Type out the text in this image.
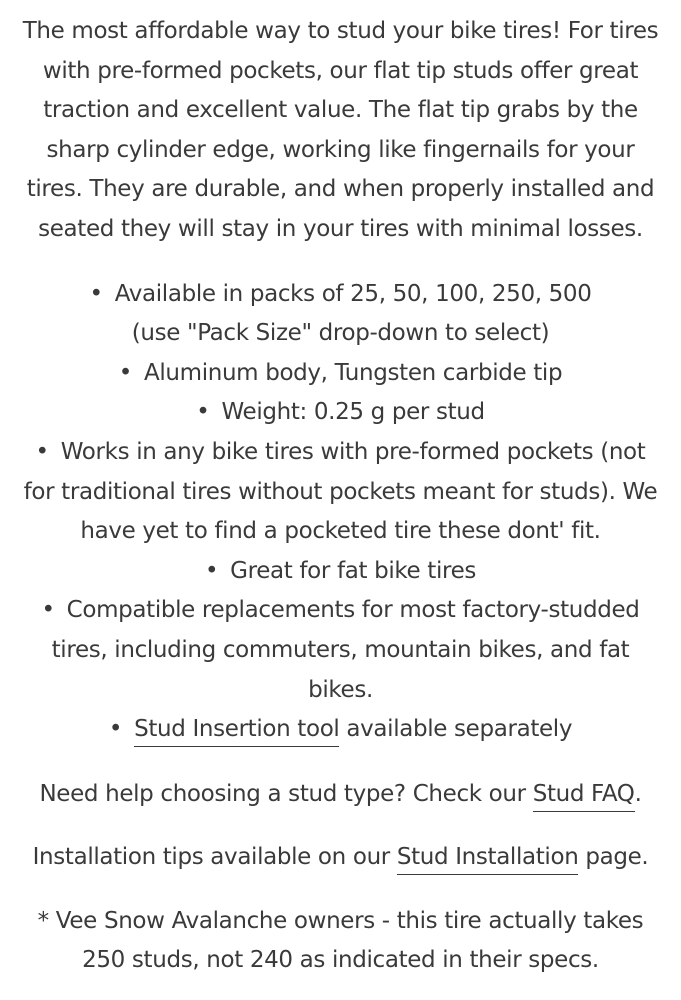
The most affordable way to stud your bike tires! For tires with pre-formed pockets, our flat tip studs offer great traction and excellent value. The flat tip grabs by the sharp cylinder edge, working like fingernails for your tires. They are durable, and when properly installed and seated they will stay in your tires with minimal losses.

• Available in packs of 25, 50, 100, 250, 500
(use "Pack Size" drop-down to select)
• Aluminum body, Tungsten carbide tip
• Weight: 0.25 g per stud
• Works in any bike tires with pre-formed pockets (not for traditional tires without pockets meant for studs). We have yet to find a pocketed tire these dont' fit.
• Great for fat bike tires
• Compatible replacements for most factory-studded tires, including commuters, mountain bikes, and fat bikes.
• Stud Insertion tool available separately

Need help choosing a stud type? Check our Stud FAQ.

Installation tips available on our Stud Installation page.

* Vee Snow Avalanche owners - this tire actually takes 250 studs, not 240 as indicated in their specs.
